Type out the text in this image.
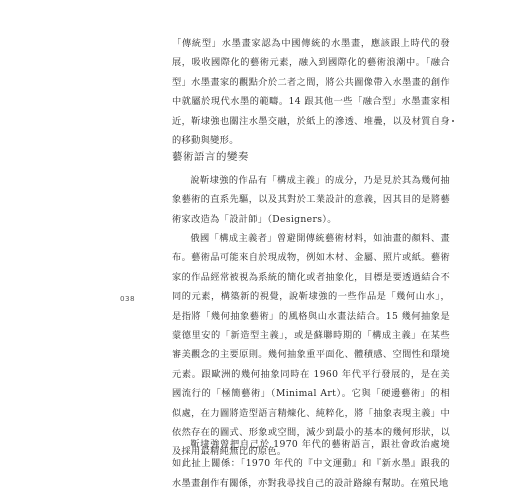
「傳統型」水墨畫家認為中國傳統的水墨畫，應該跟上時代的發展，吸收國際化的藝術元素，融入到國際化的藝術浪潮中。「融合型」水墨畫家的觀點介於二者之間，將公共圖像帶入水墨畫的創作中就屬於現代水墨的範疇。14 跟其他一些「融合型」水墨畫家相近，靳埭強也關注水墨交融，於紙上的滲透、堆疊，以及材質自身的移動與變形。
藝術語言的變奏
說靳埭強的作品有「構成主義」的成分，乃是見於其為幾何抽象藝術的直系先驅，以及其對於工業設計的意義，因其目的是將藝術家改造為「設計師」（Designers）。
俄國「構成主義者」曾避開傳統藝術材料，如油畫的顏料、畫布。藝術品可能來自於現成物，例如木材、金屬、照片或紙。藝術家的作品經常被視為系統的簡化或者抽象化，目標是要透過結合不同的元素，構築新的視覺，說靳埭強的一些作品是「幾何山水」，是指將「幾何抽象藝術」的風格與山水畫法結合。15 幾何抽象是蒙德里安的「新造型主義」，或是蘇聯時期的「構成主義」在某些審美觀念的主要原則。幾何抽象重平面化、體積感、空間性和環境元素。跟歐洲的幾何抽象同時在 1960 年代平行發展的，是在美國流行的「極簡藝術」（Minimal Art）。它與「硬邊藝術」的相似處，在力圖將造型語言精煉化、純粹化，將「抽象表現主義」中依然存在的圖式、形象或空間，減少到最小的基本的幾何形狀，以及採用最精純無比的原色。
靳埭強曾把自己於 1970 年代的藝術語言，跟社會政治處境如此扯上關係：「1970 年代的『中文運動』和『新水墨』跟我的水墨畫創作有關係，亦對我尋找自己的設計路線有幫助。在殖民地
038
